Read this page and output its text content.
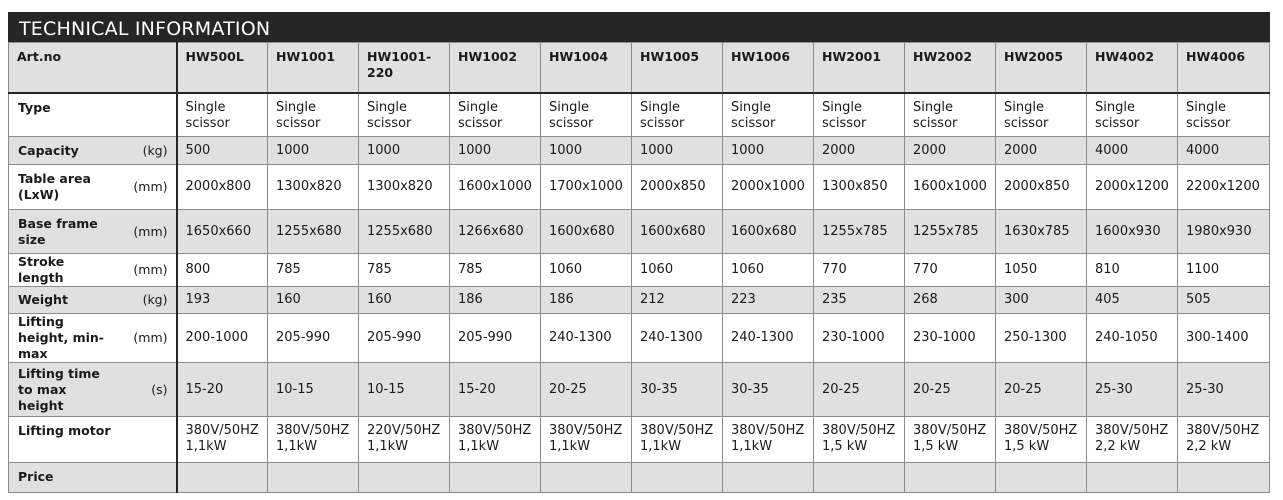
TECHNICAL INFORMATION
Art.no		HW500L	HW1001	HW1001-
220	HW1002	HW1004	HW1005	HW1006	HW2001	HW2002	HW2005	HW4002	HW4006
Type		Single scissor	Single scissor	Single scissor	Single scissor	Single scissor	Single scissor	Single scissor	Single scissor	Single scissor	Single scissor	Single scissor	Single scissor
Capacity	(kg)	500	1000	1000	1000	1000	1000	1000	2000	2000	2000	4000	4000
Table area (LxW)	(mm)	2000x800	1300x820	1300x820	1600x1000	1700x1000	2000x850	2000x1000	1300x850	1600x1000	2000x850	2000x1200	2200x1200
Base frame size	(mm)	1650x660	1255x680	1255x680	1266x680	1600x680	1600x680	1600x680	1255x785	1255x785	1630x785	1600x930	1980x930
Stroke length	(mm)	800	785	785	785	1060	1060	1060	770	770	1050	810	1100
Weight	(kg)	193	160	160	186	186	212	223	235	268	300	405	505
Lifting height, min-max	(mm)	200-1000	205-990	205-990	205-990	240-1300	240-1300	240-1300	230-1000	230-1000	250-1300	240-1050	300-1400
Lifting time to max height	(s)	15-20	10-15	10-15	15-20	20-25	30-35	30-35	20-25	20-25	20-25	25-30	25-30
Lifting motor		380V/50HZ 1,1kW	380V/50HZ 1,1kW	220V/50HZ 1,1kW	380V/50HZ 1,1kW	380V/50HZ 1,1kW	380V/50HZ 1,1kW	380V/50HZ 1,1kW	380V/50HZ 1,5 kW	380V/50HZ 1,5 kW	380V/50HZ 1,5 kW	380V/50HZ 2,2 kW	380V/50HZ 2,2 kW
Price													
